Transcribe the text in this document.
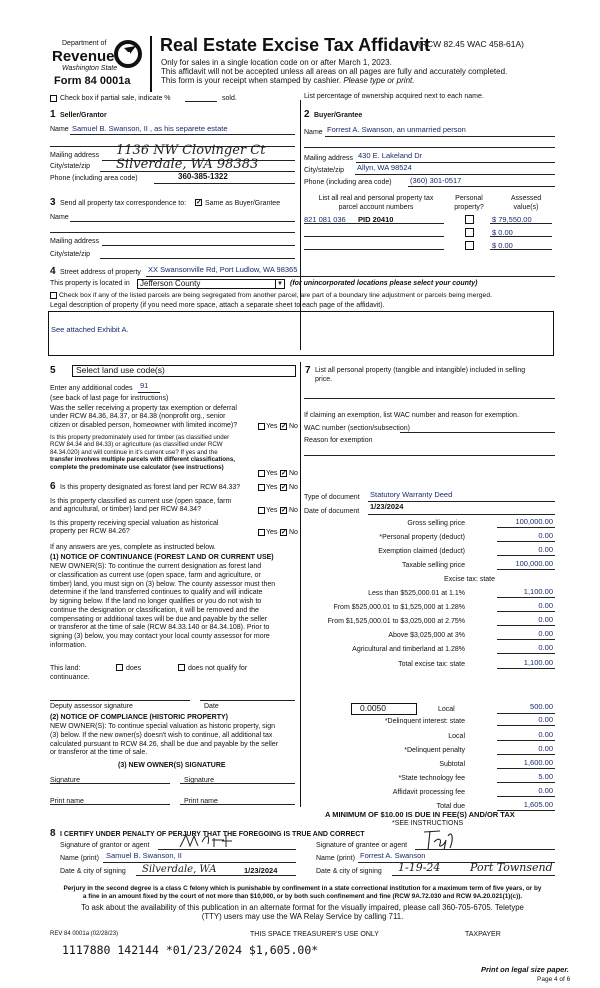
Department of
Revenue
Washington State
Form 84 0001a
Real Estate Excise Tax Affidavit
(RCW 82.45 WAC 458-61A)
Only for sales in a single location code on or after March 1, 2023.
This affidavit will not be accepted unless all areas on all pages are fully and accurately completed.
This form is your receipt when stamped by cashier. Please type or print.
Check box if partial sale, indicate %	sold.	List percentage of ownership acquired next to each name.
1 Seller/Grantor
Name Samuel B. Swanson, II , as his separete estate
Mailing address 1136 NW Clovinger Ct
City/state/zip Silverdale, WA 98383
Phone (including area code)	360-385-1322
2 Buyer/Grantee
Name Forrest A. Swanson, an unmarried person
Mailing address 430 E. Lakeland Dr
City/state/zip Allyn, WA 98524
Phone (including area code) (360) 301-0517
3 Send all property tax correspondence to: ✓ Same as Buyer/Grantee
Name
Mailing address
City/state/zip
List all real and personal property tax
parcel account numbers
Personal
property?
Assessed
value(s)
821 081 036 PID 20410	$ 79,550.00
$ 0.00
$ 0.00
4 Street address of property XX Swansonville Rd, Port Ludlow, WA 98365
This property is located in Jefferson County	▼ (for unincorporated locations please select your county)
Check box if any of the listed parcels are being segregated from another parcel, are part of a boundary line adjustment or parcels being merged.
Legal description of property (if you need more space, attach a separate sheet to each page of the affidavit).
See attached Exhibit A.
5 Select land use code(s)
Enter any additional codes 91
(see back of last page for instructions)
Was the seller receiving a property tax exemption or deferral
under RCW 84.36, 84.37, or 84.38 (nonprofit org., senior
citizen or disabled person, homeowner with limited income)?	Yes ✓ No
Is this property predominately used for timber (as classified under
RCW 84.34 and 84.33) or agriculture (as classified under RCW
84.34.020) and will continue in it's current use? If yes and the
transfer involves multiple parcels with different classifications,
complete the predominate use calculator (see instructions)
Yes ✓ No
6 Is this property designated as forest land per RCW 84.33?	Yes ✓ No
Is this property classified as current use (open space, farm
and agricultural, or timber) land per RCW 84.34?	Yes ✓ No
Is this property receiving special valuation as historical
property per RCW 84.26?	Yes ✓ No
If any answers are yes, complete as instructed below.
(1) NOTICE OF CONTINUANCE (FOREST LAND OR CURRENT USE)
NEW OWNER(S): To continue the current designation as forest land
or classification as current use (open space, farm and agriculture, or
timber) land, you must sign on (3) below. The county assessor must then
determine if the land transferred continues to qualify and will indicate
by signing below. If the land no longer qualifies or you do not wish to
continue the designation or classification, it will be removed and the
compensating or additional taxes will be due and payable by the seller
or transferor at the time of sale (RCW 84.33.140 or 84.34.108). Prior to
signing (3) below, you may contact your local county assessor for more
information.
This land:
continuance.
does	does not qualify for
Deputy assessor signature	Date
(2) NOTICE OF COMPLIANCE (HISTORIC PROPERTY)
NEW OWNER(S): To continue special valuation as historic property, sign
(3) below. If the new owner(s) doesn't wish to continue, all additional tax
calculated pursuant to RCW 84.26, shall be due and payable by the seller
or transferor at the time of sale.
(3) NEW OWNER(S) SIGNATURE
Signature	Signature
Print name	Print name
7 List all personal property (tangible and intangible) included in selling
price.
If claiming an exemption, list WAC number and reason for exemption.
WAC number (section/subsection)
Reason for exemption
Type of document Statutory Warranty Deed
Date of document
1/23/2024
Gross selling price	100,000.00
*Personal property (deduct)	0.00
Exemption claimed (deduct)	0.00
Taxable selling price	100,000.00
Excise tax: state
Less than $525,000.01 at 1.1%	1,100.00
From $525,000.01 to $1,525,000 at 1.28%	0.00
From $1,525,000.01 to $3,025,000 at 2.75%	0.00
Above $3,025,000 at 3%	0.00
Agricultural and timberland at 1.28%	0.00
Total excise tax: state	1,100.00
*Delinquent interest: state	0.00
Local	0.00
*Delinquent penalty	0.00
Subtotal	1,600.00
*State technology fee	5.00
Affidavit processing fee	0.00
Total due	1,605.00
0.0050	Local	500.00
A MINIMUM OF $10.00 IS DUE IN FEE(S) AND/OR TAX
*SEE INSTRUCTIONS
8 I CERTIFY UNDER PENALTY OF PERJURY THAT THE FOREGOING IS TRUE AND CORRECT
Signature of grantor or agent	Signature of grantee or agent
Name (print) Samuel B. Swanson, II	Name (print) Forrest A. Swanson
Date & city of signing Silverdale, WA	1/23/2024	Date & city of signing 1-19-24	Port Townsend
Perjury in the second degree is a class C felony which is punishable by confinement in a state correctional institution for a maximum term of five years, or by
a fine in an amount fixed by the court of not more than $10,000, or by both such confinement and fine (RCW 9A.72.030 and RCW 9A.20.021(1)(c)).
To ask about the availability of this publication in an alternate format for the visually impaired, please call 360-705-6705. Teletype
(TTY) users may use the WA Relay Service by calling 711.
REV 84 0001a (02/28/23)	THIS SPACE TREASURER'S USE ONLY	TAXPAYER
1117880 142144 *01/23/2024 $1,605.00*
Print on legal size paper.
Page 4 of 6
